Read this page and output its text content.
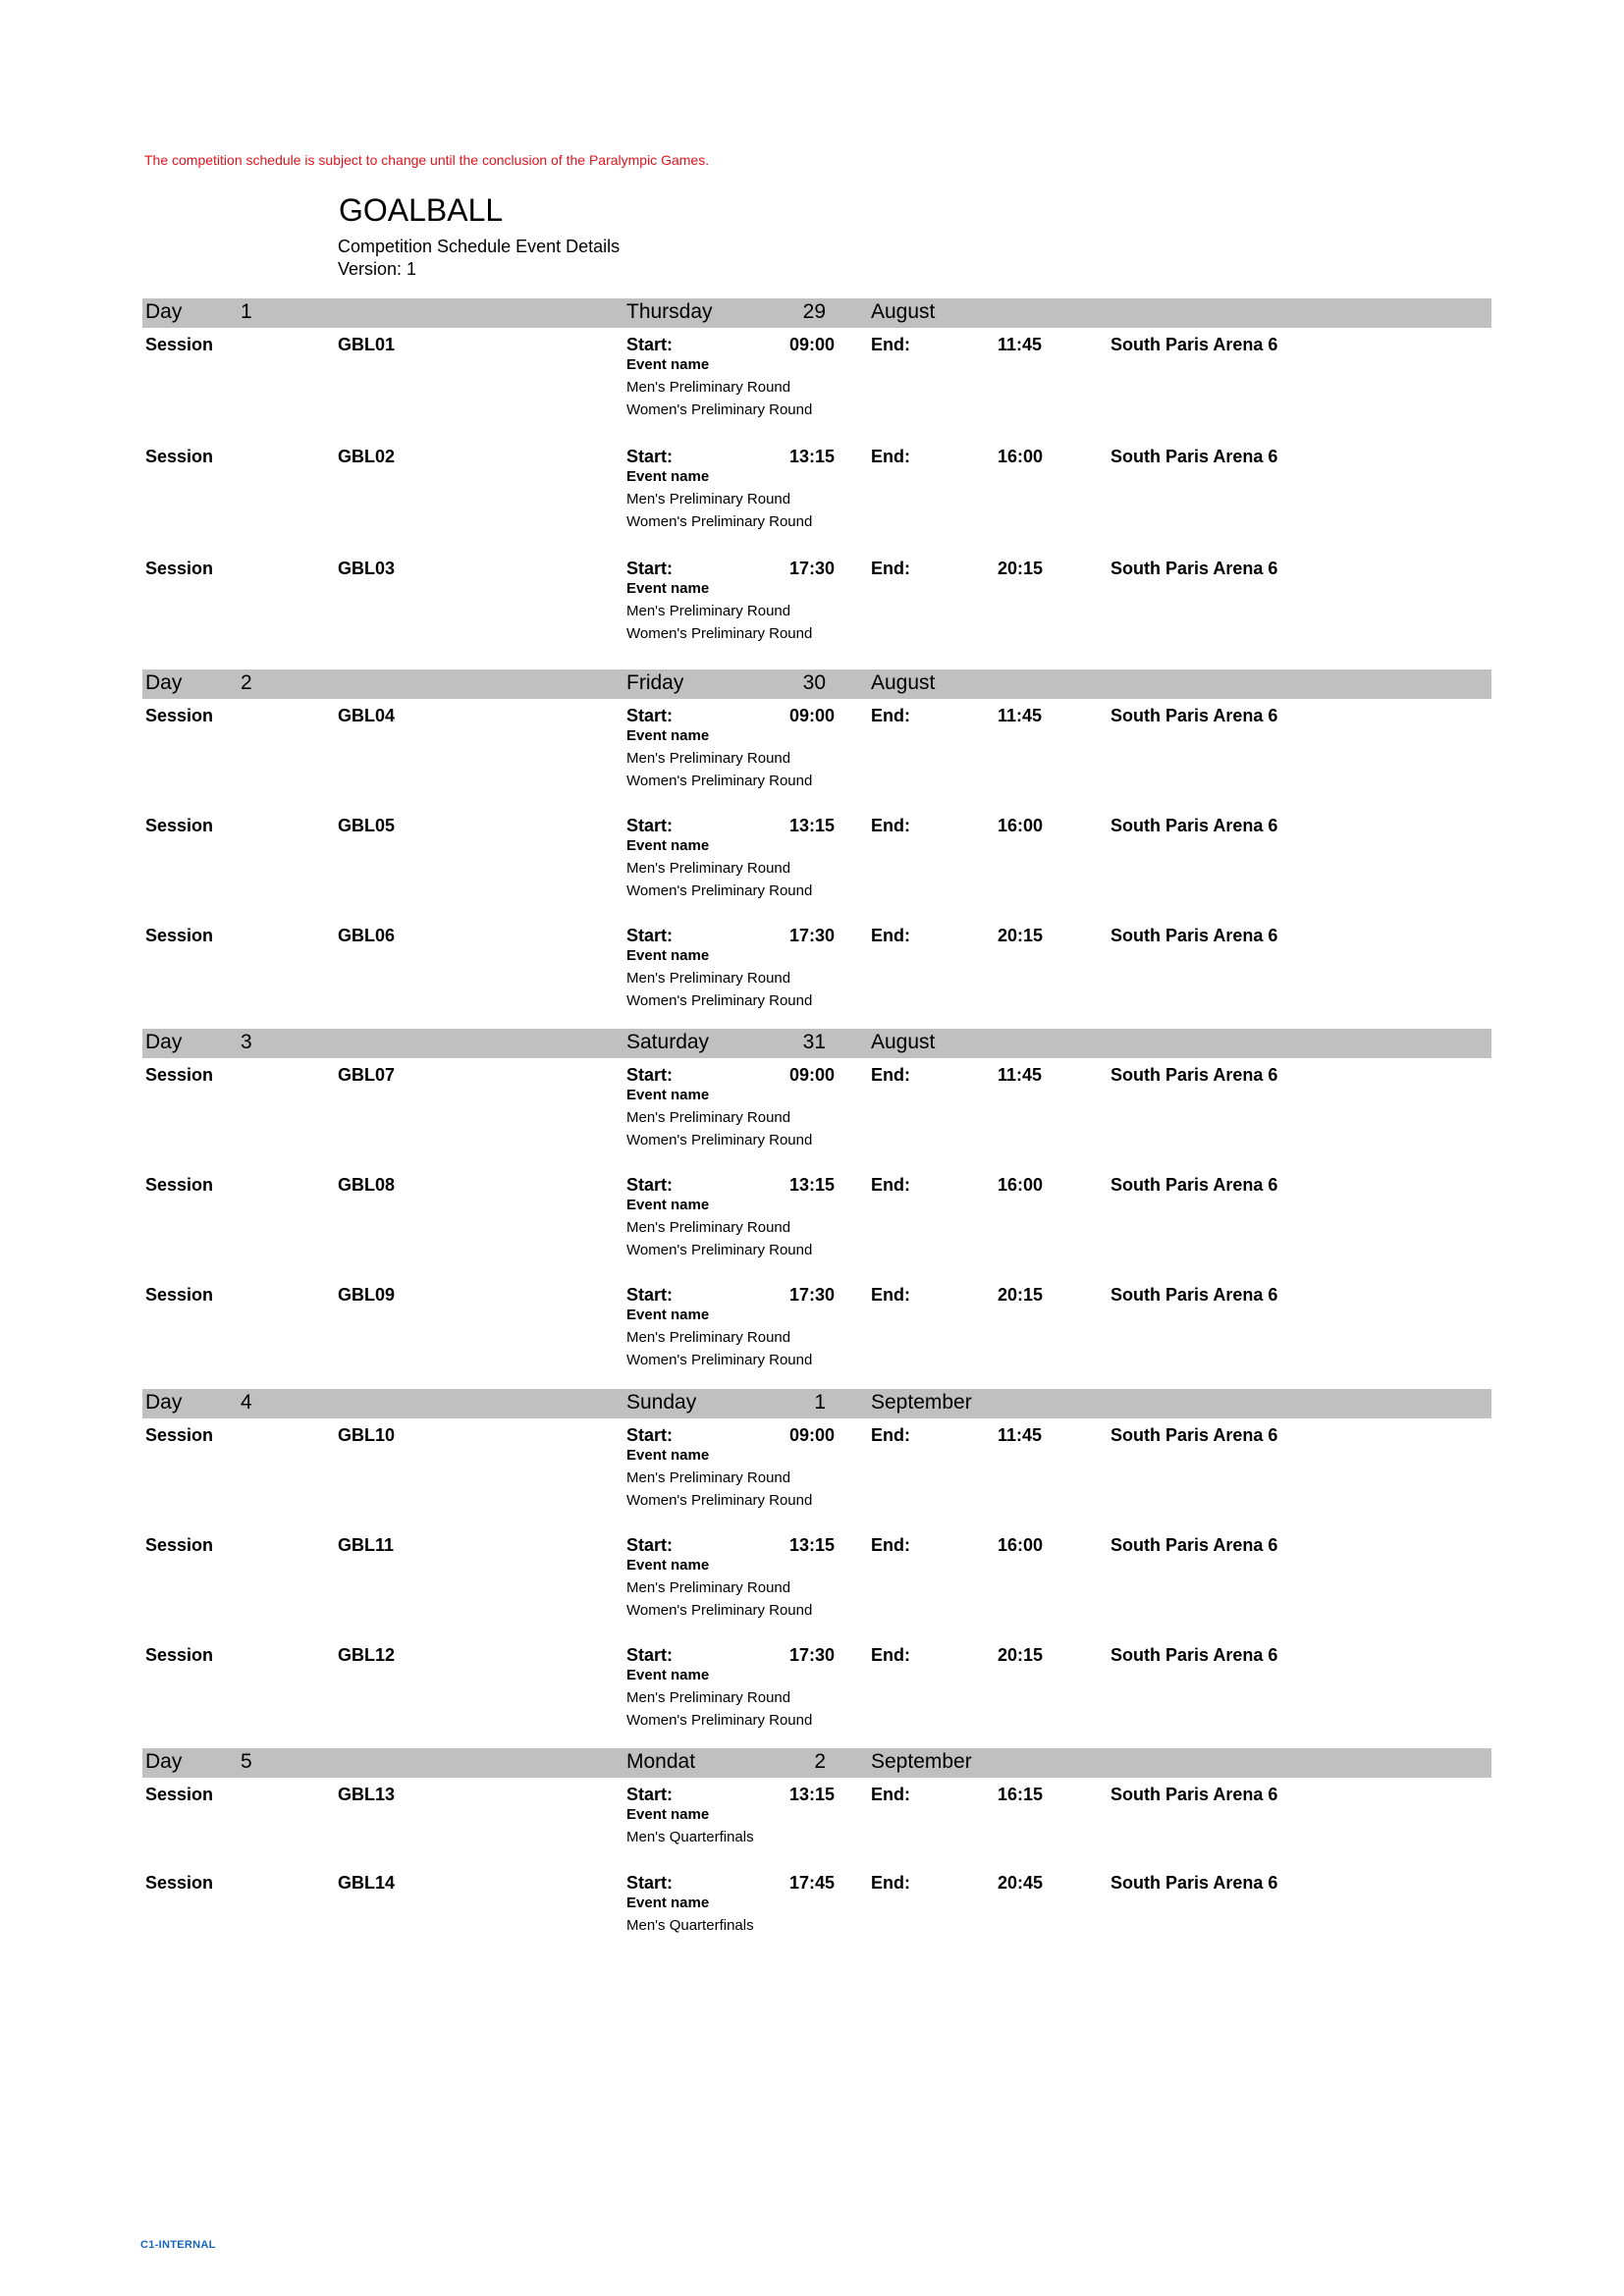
The competition schedule is subject to change until the conclusion of the Paralympic Games.
GOALBALL
Competition Schedule Event Details
Version: 1
Day	1	Thursday	29 August
Session	GBL01	Start:	09:00 End:	11:45	South Paris Arena 6
Event name
Men's Preliminary Round
Women's Preliminary Round
Session	GBL02	Start:	13:15 End:	16:00	South Paris Arena 6
Event name
Men's Preliminary Round
Women's Preliminary Round
Session	GBL03	Start:	17:30 End:	20:15	South Paris Arena 6
Event name
Men's Preliminary Round
Women's Preliminary Round
Day	2	Friday	30 August
Session	GBL04	Start:	09:00 End:	11:45	South Paris Arena 6
Event name
Men's Preliminary Round
Women's Preliminary Round
Session	GBL05	Start:	13:15 End:	16:00	South Paris Arena 6
Event name
Men's Preliminary Round
Women's Preliminary Round
Session	GBL06	Start:	17:30 End:	20:15	South Paris Arena 6
Event name
Men's Preliminary Round
Women's Preliminary Round
Day	3	Saturday	31 August
Session	GBL07	Start:	09:00 End:	11:45	South Paris Arena 6
Event name
Men's Preliminary Round
Women's Preliminary Round
Session	GBL08	Start:	13:15 End:	16:00	South Paris Arena 6
Event name
Men's Preliminary Round
Women's Preliminary Round
Session	GBL09	Start:	17:30 End:	20:15	South Paris Arena 6
Event name
Men's Preliminary Round
Women's Preliminary Round
Day	4	Sunday	1 September
Session	GBL10	Start:	09:00 End:	11:45	South Paris Arena 6
Event name
Men's Preliminary Round
Women's Preliminary Round
Session	GBL11	Start:	13:15 End:	16:00	South Paris Arena 6
Event name
Men's Preliminary Round
Women's Preliminary Round
Session	GBL12	Start:	17:30 End:	20:15	South Paris Arena 6
Event name
Men's Preliminary Round
Women's Preliminary Round
Day	5	Mondat	2 September
Session	GBL13	Start:	13:15 End:	16:15	South Paris Arena 6
Event name
Men's Quarterfinals
Session	GBL14	Start:	17:45 End:	20:45	South Paris Arena 6
Event name
Men's Quarterfinals
C1-INTERNAL
